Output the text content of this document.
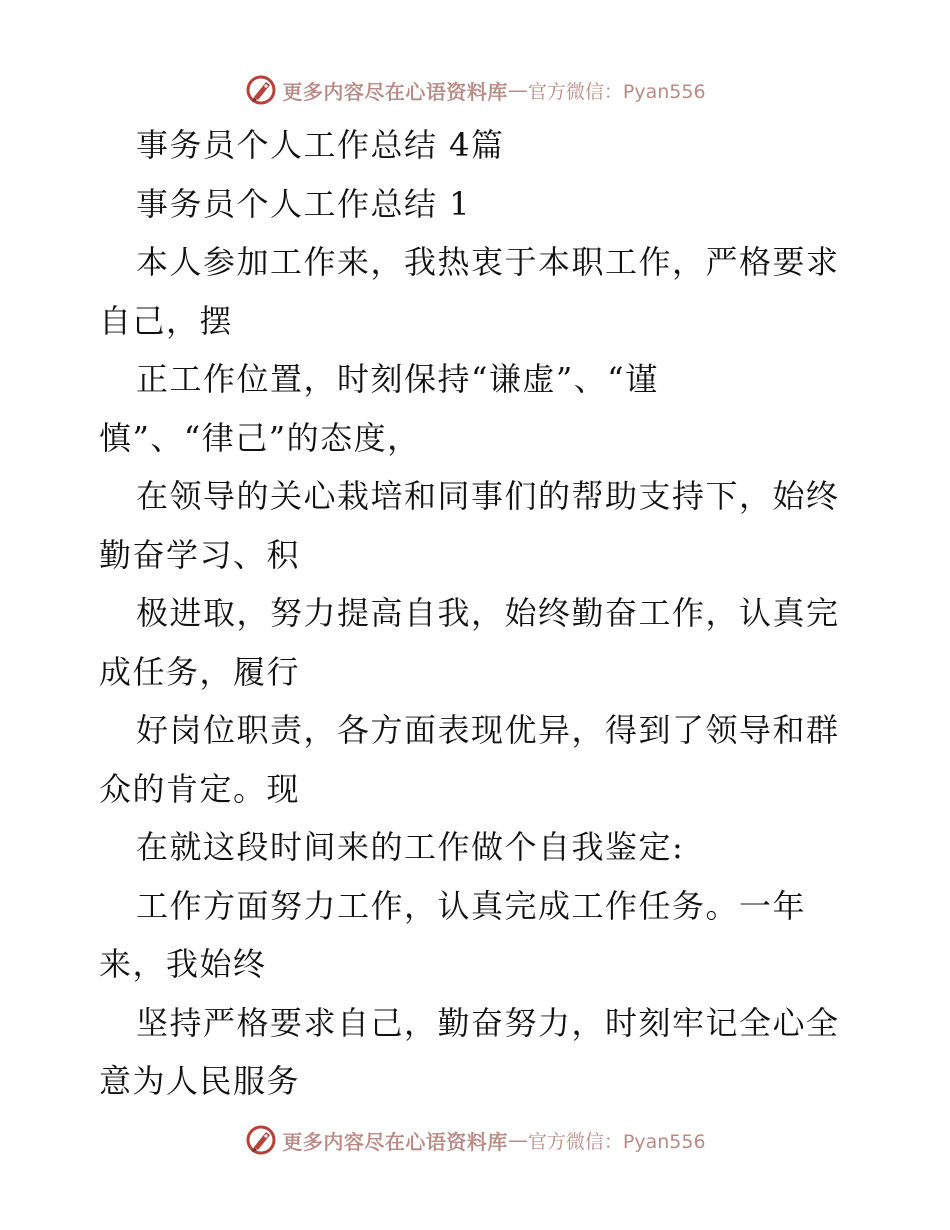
更多内容尽在心语资料库 — 官方微信：Pyan556
事务员个人工作总结 4篇
事务员个人工作总结 1
本人参加工作来，我热衷于本职工作，严格要求
自己，摆
正工作位置，时刻保持“谦虚”、“谨
慎”、“律己”的态度，
在领导的关心栽培和同事们的帮助支持下，始终
勤奋学习、积
极进取，努力提高自我，始终勤奋工作，认真完
成任务，履行
好岗位职责，各方面表现优异，得到了领导和群
众的肯定。现
在就这段时间来的工作做个自我鉴定:
工作方面努力工作，认真完成工作任务。一年
来，我始终
坚持严格要求自己，勤奋努力，时刻牢记全心全
意为人民服务
更多内容尽在心语资料库 — 官方微信：Pyan556
